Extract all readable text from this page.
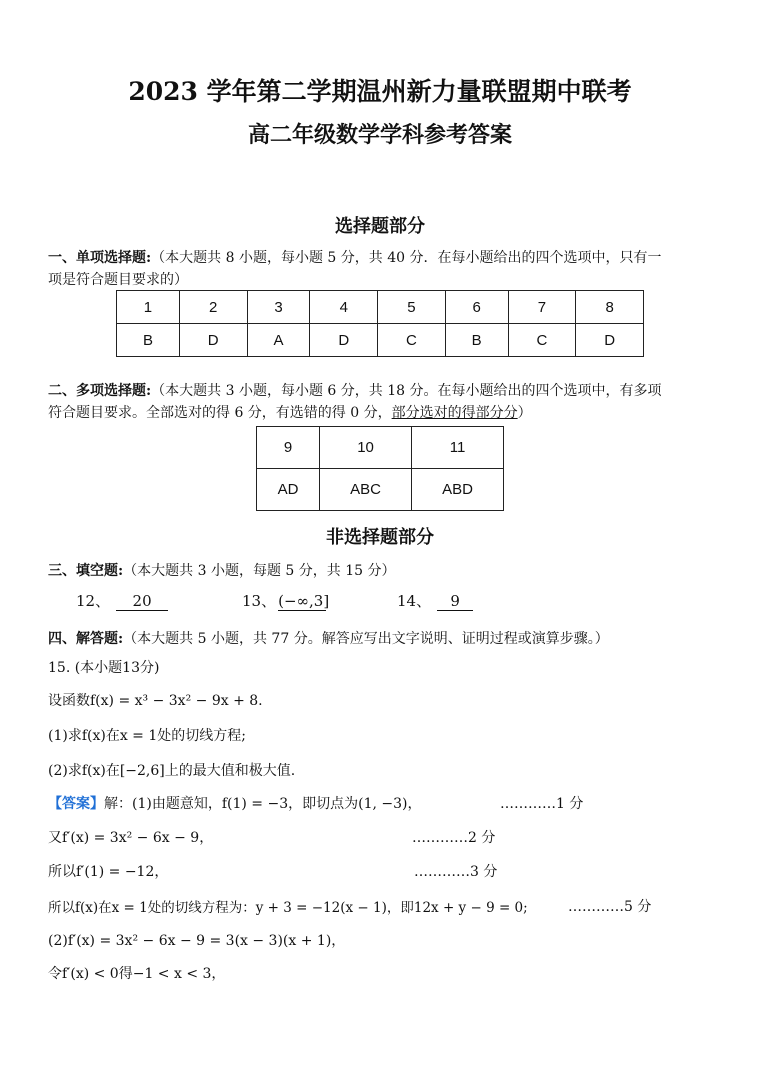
2023 学年第二学期温州新力量联盟期中联考
高二年级数学学科参考答案
选择题部分
一、单项选择题:（本大题共 8 小题，每小题 5 分，共 40 分．在每小题给出的四个选项中，只有一
项是符合题目要求的）
1	2	3	4	5	6	7	8
B	D	A	D	C	B	C	D
二、多项选择题:（本大题共 3 小题，每小题 6 分，共 18 分。在每小题给出的四个选项中，有多项
符合题目要求。全部选对的得 6 分，有选错的得 0 分，部分选对的得部分分）
9	10	11
AD	ABC	ABD
非选择题部分
三、填空题:（本大题共 3 小题，每题 5 分，共 15 分）
12、 20	13、 (−∞,3]	14、 9
四、解答题:（本大题共 5 小题，共 77 分。解答应写出文字说明、证明过程或演算步骤。）
15. (本小题13分)
设函数f(x) = x³ − 3x² − 9x + 8.
(1)求f(x)在x = 1处的切线方程;
(2)求f(x)在[−2,6]上的最大值和极大值.
【答案】解：(1)由题意知，f(1) = −3，即切点为(1, −3)，	…………1 分
又f′(x) = 3x² − 6x − 9，	…………2 分
所以f′(1) = −12，	…………3 分
所以f(x)在x = 1处的切线方程为：y + 3 = −12(x − 1)，即12x + y − 9 = 0;	…………5 分
(2)f′(x) = 3x² − 6x − 9 = 3(x − 3)(x + 1)，
令f′(x) < 0得−1 < x < 3，
